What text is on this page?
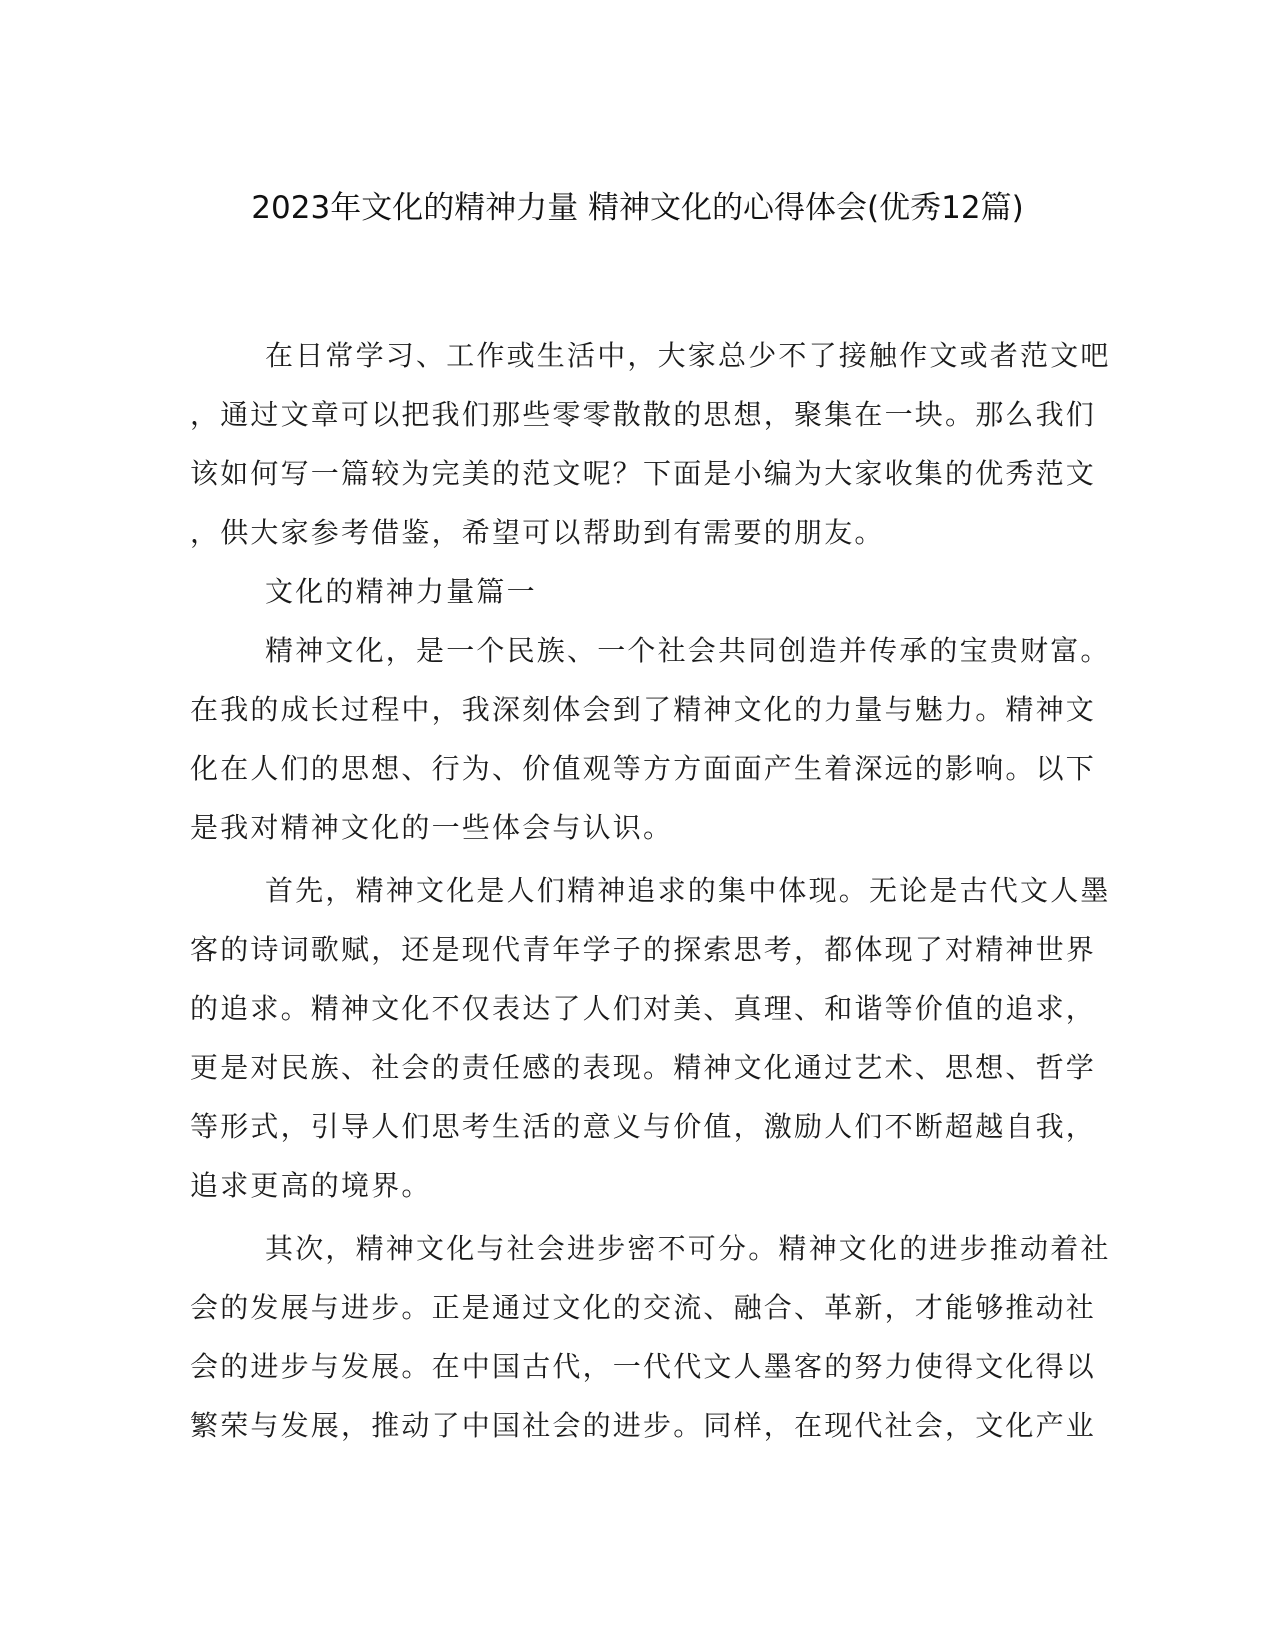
2023年文化的精神力量 精神文化的心得体会(优秀12篇)
在日常学习、工作或生活中，大家总少不了接触作文或者范文吧
，通过文章可以把我们那些零零散散的思想，聚集在一块。那么我们
该如何写一篇较为完美的范文呢？下面是小编为大家收集的优秀范文
，供大家参考借鉴，希望可以帮助到有需要的朋友。
文化的精神力量篇一
精神文化，是一个民族、一个社会共同创造并传承的宝贵财富。
在我的成长过程中，我深刻体会到了精神文化的力量与魅力。精神文
化在人们的思想、行为、价值观等方方面面产生着深远的影响。以下
是我对精神文化的一些体会与认识。
首先，精神文化是人们精神追求的集中体现。无论是古代文人墨
客的诗词歌赋，还是现代青年学子的探索思考，都体现了对精神世界
的追求。精神文化不仅表达了人们对美、真理、和谐等价值的追求，
更是对民族、社会的责任感的表现。精神文化通过艺术、思想、哲学
等形式，引导人们思考生活的意义与价值，激励人们不断超越自我，
追求更高的境界。
其次，精神文化与社会进步密不可分。精神文化的进步推动着社
会的发展与进步。正是通过文化的交流、融合、革新，才能够推动社
会的进步与发展。在中国古代，一代代文人墨客的努力使得文化得以
繁荣与发展，推动了中国社会的进步。同样，在现代社会，文化产业
